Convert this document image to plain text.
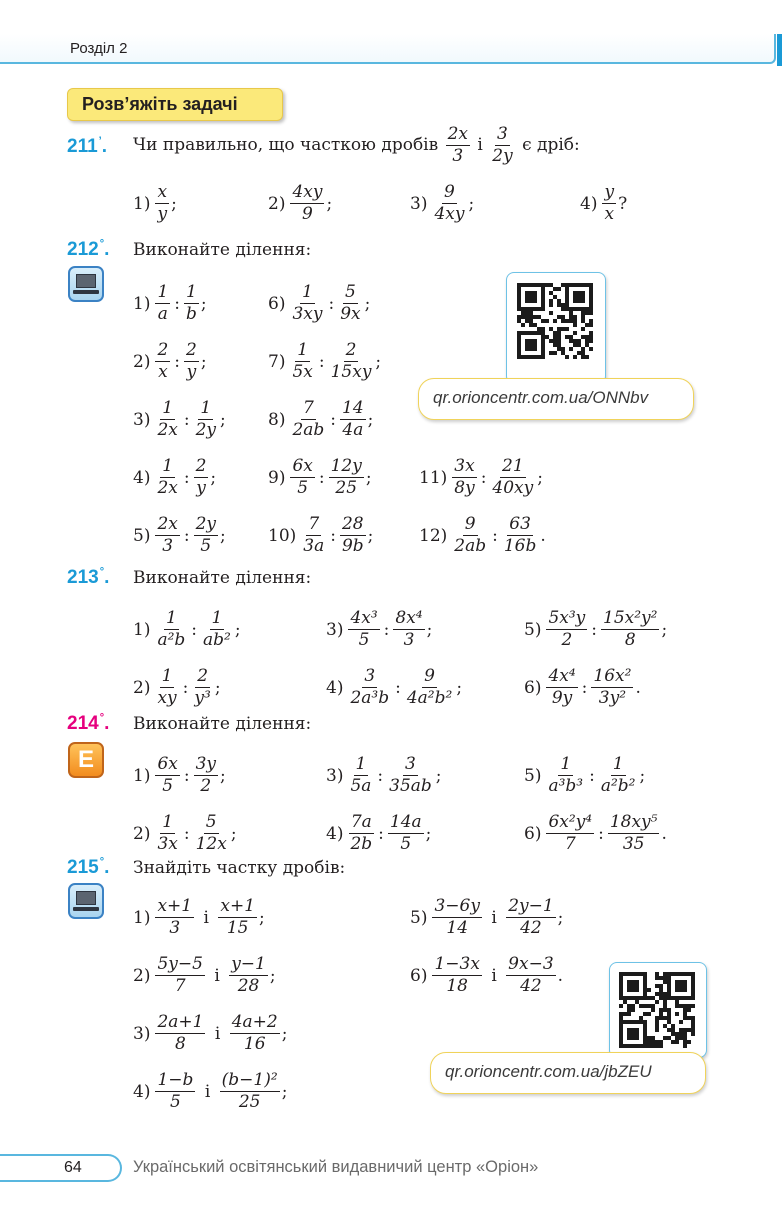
Розділ 2
Розв’яжіть задачі
211’. Чи правильно, що часткою дробів

2x
3

і

3
2y

є дріб:
1)
x
y
;	2)
4xy
9
;	3)
9
4xy
;	4)
y
x
?
212°. Виконайте ділення:
1)
1
a
:
1
b
;
2)
2
x
:
2
y
;
3)
1
2x
:
1
2y
;
4)
1
2x
:
2
y
;
5)
2x
3
:
2y
5
;
6)
1
3xy
:
5
9x
;
7)
1
5x
:
2
15xy
;
8)
7
2ab
:
14
4a
;
9)
6x
5
:
12y
25
;
10)
7
3a
:
28
9b
;
11)
3x
8y
:
21
40xy
;
12)
9
2ab
:
63
16b
.
qr.orioncentr.com.ua/ONNbv
213°. Виконайте ділення:
1)
1
a²b
:
1
ab²
;
2)
1
xy
:
2
y³
;
3)
4x³
5
:
8x⁴
3
;
4)
3
2a³b
:
9
4a²b²
;
5)
5x³y
2
:
15x²y²
8
;
6)
4x⁴
9y
:
16x²
3y²
.
214°. Виконайте ділення:
E
1)
6x
5
:
3y
2
;
2)
1
3x
:
5
12x
;
3)
1
5a
:
3
35ab
;
4)
7a
2b
:
14a
5
;
5)
1
a³b³
:
1
a²b²
;
6)
6x²y⁴
7
:
18xy⁵
35
.
215°. Знайдіть частку дробів:
1)
x+1
3

і

x+1
15
;
2)
5y−5
7

і

y−1
28
;
3)
2a+1
8

і

4a+2
16
;
4)
1−b
5

і

(b−1)²
25
;
5)
3−6y
14

і

2y−1
42
;
6)
1−3x
18

і

9x−3
42
.
qr.orioncentr.com.ua/jbZEU
64	Український освітянський видавничий центр «Оріон»
